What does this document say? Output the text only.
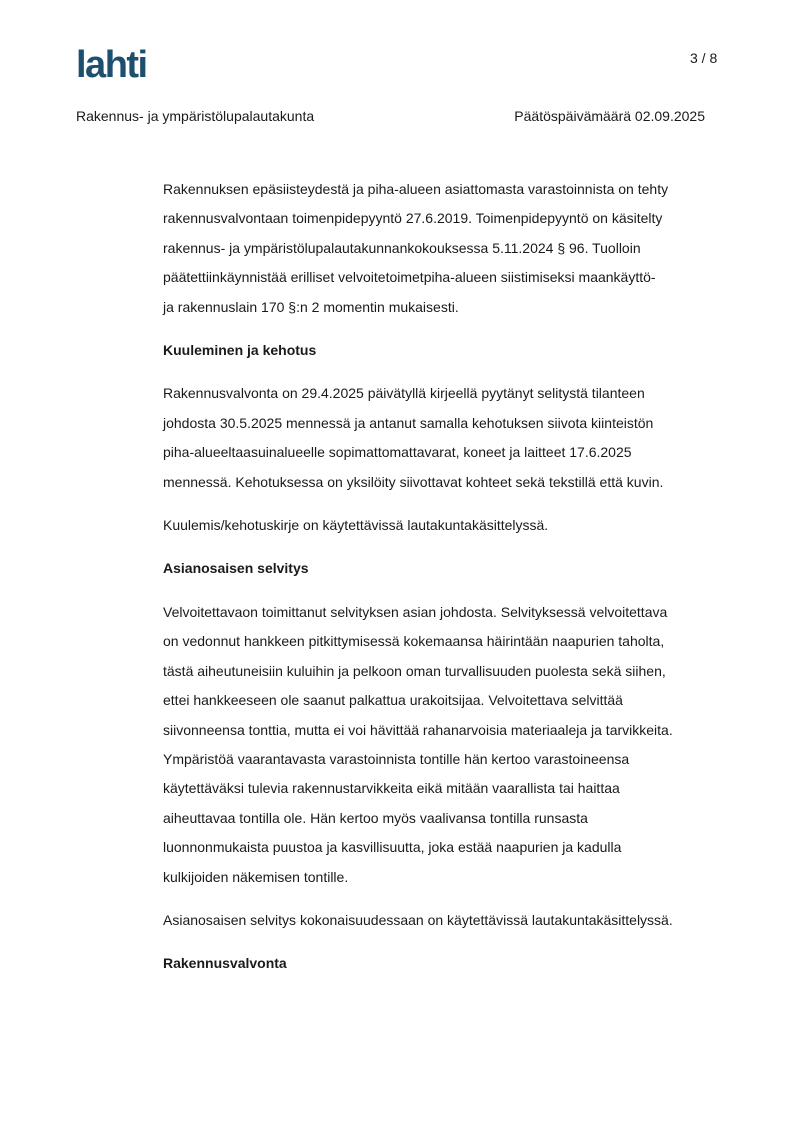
lahti	3 / 8
Rakennus- ja ympäristölupalautakunta	Päätöspäivämäärä 02.09.2025
Rakennuksen epäsiisteydestä ja piha-alueen asiattomasta varastoinnista on tehty
rakennusvalvontaan toimenpidepyyntö 27.6.2019. Toimenpidepyyntö on käsitelty
rakennus- ja ympäristölupalautakunnankokouksessa 5.11.2024 § 96. Tuolloin
päätettiinkäynnistää erilliset velvoitetoimetpiha-alueen siistimiseksi maankäyttö-
ja rakennuslain 170 §:n 2 momentin mukaisesti.
Kuuleminen ja kehotus
Rakennusvalvonta on 29.4.2025 päivätyllä kirjeellä pyytänyt selitystä tilanteen
johdosta 30.5.2025 mennessä ja antanut samalla kehotuksen siivota kiinteistön
piha-alueeltaasuinalueelle sopimattomattavarat, koneet ja laitteet 17.6.2025
mennessä. Kehotuksessa on yksilöity siivottavat kohteet sekä tekstillä että kuvin.
Kuulemis/kehotuskirje on käytettävissä lautakuntakäsittelyssä.
Asianosaisen selvitys
Velvoitettavaon toimittanut selvityksen asian johdosta. Selvityksessä velvoitettava
on vedonnut hankkeen pitkittymisessä kokemaansa häirintään naapurien taholta,
tästä aiheutuneisiin kuluihin ja pelkoon oman turvallisuuden puolesta sekä siihen,
ettei hankkeeseen ole saanut palkattua urakoitsijaa. Velvoitettava selvittää
siivonneensa tonttia, mutta ei voi hävittää rahanarvoisia materiaaleja ja tarvikkeita.
Ympäristöä vaarantavasta varastoinnista tontille hän kertoo varastoineensa
käytettäväksi tulevia rakennustarvikkeita eikä mitään vaarallista tai haittaa
aiheuttavaa tontilla ole. Hän kertoo myös vaalivansa tontilla runsasta
luonnonmukaista puustoa ja kasvillisuutta, joka estää naapurien ja kadulla
kulkijoiden näkemisen tontille.
Asianosaisen selvitys kokonaisuudessaan on käytettävissä lautakuntakäsittelyssä.
Rakennusvalvonta
